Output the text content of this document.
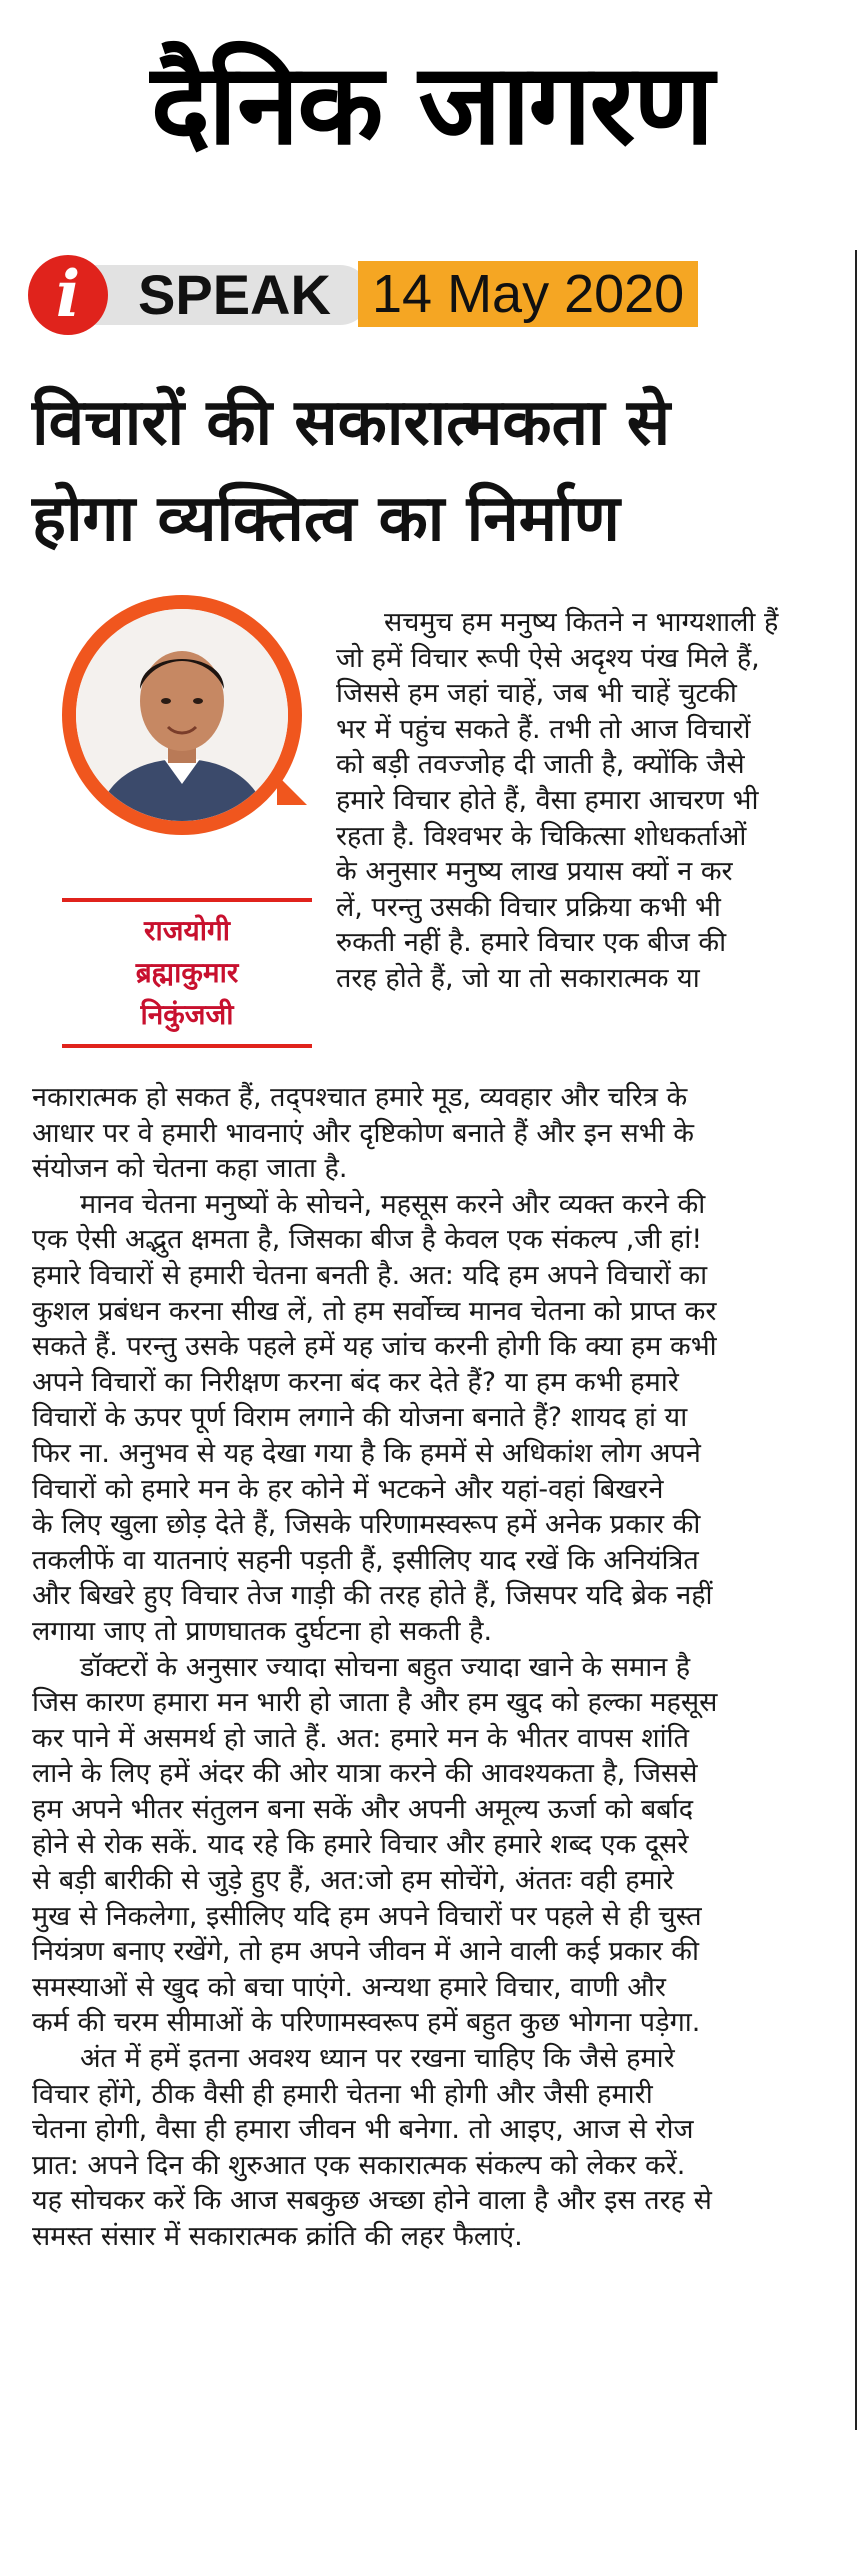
दैनिक जागरण
i	SPEAK 14 May 2020
विचारों की सकारात्मकता से
होगा व्यक्तित्व का निर्माण
राजयोगी
ब्रह्माकुमार
निकुंजजी
सचमुच हम मनुष्य कितने न भाग्यशाली हैं
जो हमें विचार रूपी ऐसे अदृश्य पंख मिले हैं,
जिससे हम जहां चाहें, जब भी चाहें चुटकी
भर में पहुंच सकते हैं. तभी तो आज विचारों
को बड़ी तवज्जोह दी जाती है, क्योंकि जैसे
हमारे विचार होते हैं, वैसा हमारा आचरण भी
रहता है. विश्वभर के चिकित्सा शोधकर्ताओं
के अनुसार मनुष्य लाख प्रयास क्यों न कर
लें, परन्तु उसकी विचार प्रक्रिया कभी भी
रुकती नहीं है. हमारे विचार एक बीज की
तरह होते हैं, जो या तो सकारात्मक या
नकारात्मक हो सकत हैं, तद्पश्चात हमारे मूड, व्यवहार और चरित्र के
आधार पर वे हमारी भावनाएं और दृष्टिकोण बनाते हैं और इन सभी के
संयोजन को चेतना कहा जाता है.
मानव चेतना मनुष्यों के सोचने, महसूस करने और व्यक्त करने की
एक ऐसी अद्भुत क्षमता है, जिसका बीज है केवल एक संकल्प ,जी हां!
हमारे विचारों से हमारी चेतना बनती है. अत: यदि हम अपने विचारों का
कुशल प्रबंधन करना सीख लें, तो हम सर्वोच्च मानव चेतना को प्राप्त कर
सकते हैं. परन्तु उसके पहले हमें यह जांच करनी होगी कि क्या हम कभी
अपने विचारों का निरीक्षण करना बंद कर देते हैं? या हम कभी हमारे
विचारों के ऊपर पूर्ण विराम लगाने की योजना बनाते हैं? शायद हां या
फिर ना. अनुभव से यह देखा गया है कि हममें से अधिकांश लोग अपने
विचारों को हमारे मन के हर कोने में भटकने और यहां-वहां बिखरने
के लिए खुला छोड़ देते हैं, जिसके परिणामस्वरूप हमें अनेक प्रकार की
तकलीफें वा यातनाएं सहनी पड़ती हैं, इसीलिए याद रखें कि अनियंत्रित
और बिखरे हुए विचार तेज गाड़ी की तरह होते हैं, जिसपर यदि ब्रेक नहीं
लगाया जाए तो प्राणघातक दुर्घटना हो सकती है.
डॉक्टरों के अनुसार ज्यादा सोचना बहुत ज्यादा खाने के समान है
जिस कारण हमारा मन भारी हो जाता है और हम खुद को हल्का महसूस
कर पाने में असमर्थ हो जाते हैं. अत: हमारे मन के भीतर वापस शांति
लाने के लिए हमें अंदर की ओर यात्रा करने की आवश्यकता है, जिससे
हम अपने भीतर संतुलन बना सकें और अपनी अमूल्य ऊर्जा को बर्बाद
होने से रोक सकें. याद रहे कि हमारे विचार और हमारे शब्द एक दूसरे
से बड़ी बारीकी से जुड़े हुए हैं, अत:जो हम सोचेंगे, अंततः वही हमारे
मुख से निकलेगा, इसीलिए यदि हम अपने विचारों पर पहले से ही चुस्त
नियंत्रण बनाए रखेंगे, तो हम अपने जीवन में आने वाली कई प्रकार की
समस्याओं से खुद को बचा पाएंगे. अन्यथा हमारे विचार, वाणी और
कर्म की चरम सीमाओं के परिणामस्वरूप हमें बहुत कुछ भोगना पड़ेगा.
अंत में हमें इतना अवश्य ध्यान पर रखना चाहिए कि जैसे हमारे
विचार होंगे, ठीक वैसी ही हमारी चेतना भी होगी और जैसी हमारी
चेतना होगी, वैसा ही हमारा जीवन भी बनेगा. तो आइए, आज से रोज
प्रात: अपने दिन की शुरुआत एक सकारात्मक संकल्प को लेकर करें.
यह सोचकर करें कि आज सबकुछ अच्छा होने वाला है और इस तरह से
समस्त संसार में सकारात्मक क्रांति की लहर फैलाएं.
